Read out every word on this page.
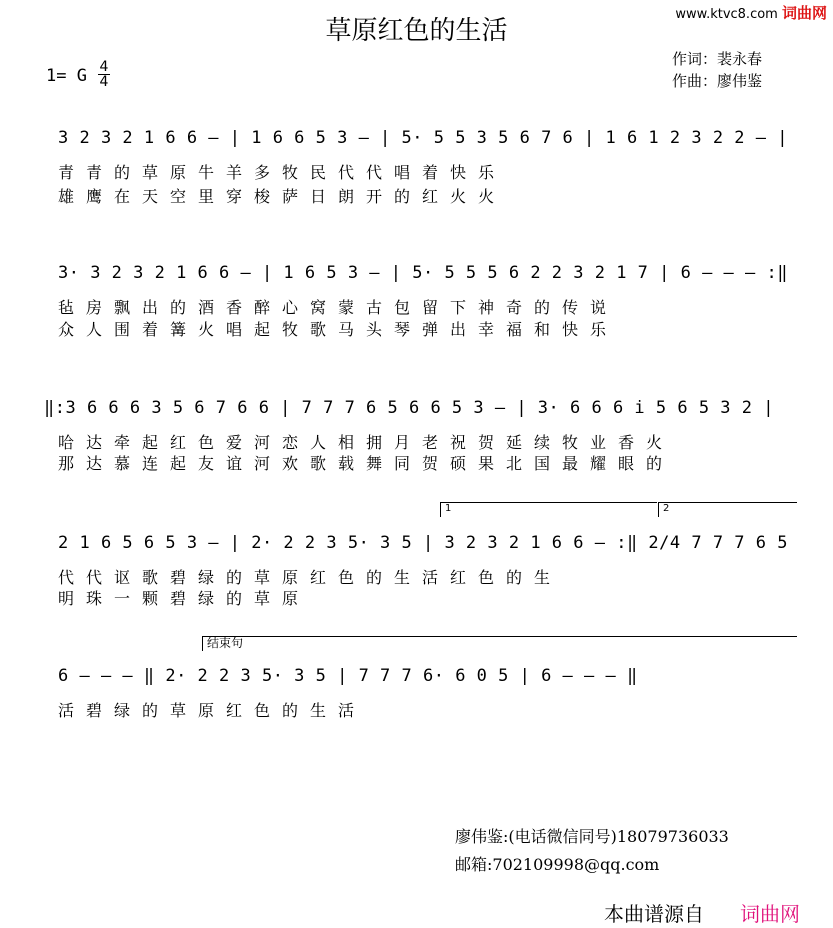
草原红色的生活
www.ktvc8.com 词曲网
1= G 4
4
作词：裴永春
作曲：廖伟鉴
3 2 3 2 1 6 6 – | 1 6 6 5 3 – | 5· 5 5 3 5 6 7 6 | 1 6 1 2 3 2 2 – |
青青的草原牛羊多牧民代代唱着快乐
雄鹰在天空里穿梭萨日朗开的红火火
3· 3 2 3 2 1 6 6 – | 1 6 5 3 – | 5· 5 5 5 6 2 2 3 2 1 7 | 6 – – – :‖
毡房飘出的酒香醉心窝蒙古包留下神奇的传说
众人围着篝火唱起牧歌马头琴弹出幸福和快乐
‖:3 6 6 6 3 5 6 7 6 6 | 7 7 7 6 5 6 6 5 3 – | 3· 6 6 6 i 5 6 5 3 2 |
哈达牵起红色爱河恋人相拥月老祝贺延续牧业香火
那达慕连起友谊河欢歌载舞同贺硕果北国最耀眼的
1	2
2 1 6 5 6 5 3 – | 2· 2 2 3 5· 3 5 | 3 2 3 2 1 6 6 – :‖ 2/4 7 7 7 6 5
代代讴歌碧绿的草原红色的生活红色的生
明珠一颗碧绿的草原
结束句
6 – – – ‖ 2· 2 2 3 5· 3 5 | 7 7 7 6· 6 0 5 | 6 – – – ‖
活碧绿的草原红色的生活
廖伟鉴:(电话微信同号)18079736033
邮箱:702109998@qq.com
本曲谱源自 词曲网
